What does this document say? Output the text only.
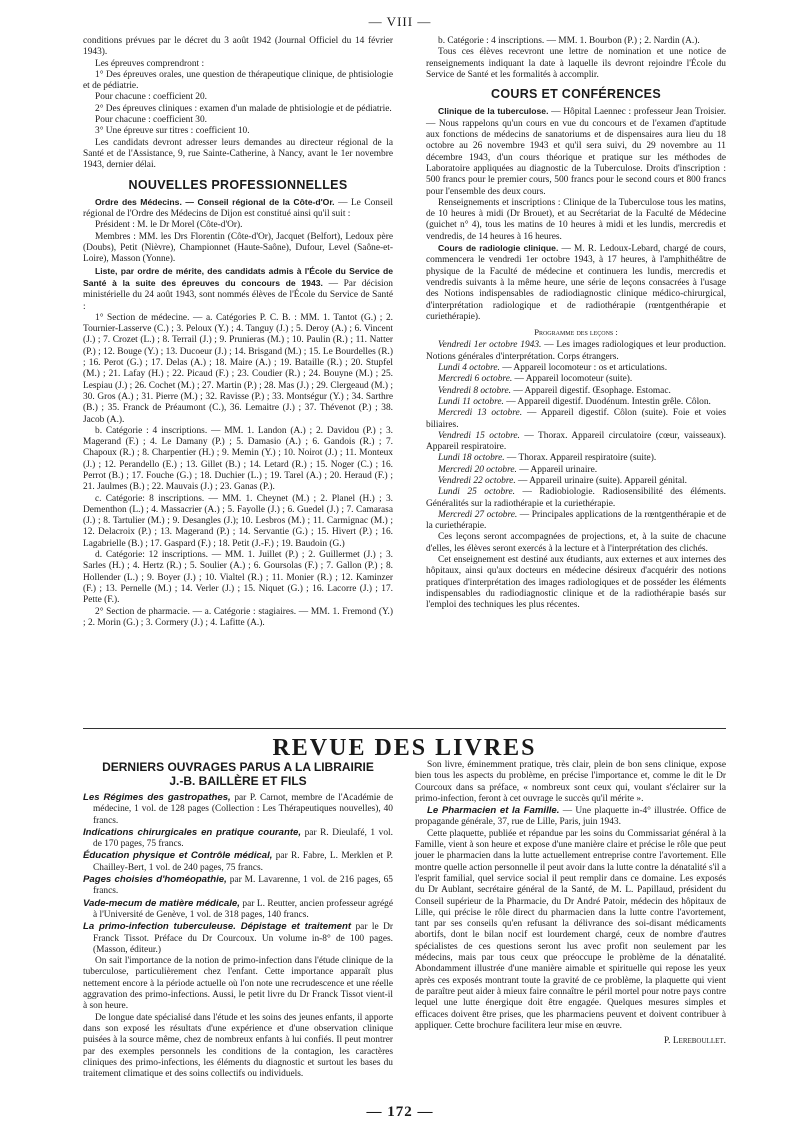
— VIII —

conditions prévues par le décret du 3 août 1942 (Journal Officiel du 14 février 1943).

Les épreuves comprendront :

1° Des épreuves orales, une question de thérapeutique clinique, de phtisiologie et de pédiatrie.

Pour chacune : coefficient 20.

2° Des épreuves cliniques : examen d'un malade de phtisiologie et de pédiatrie.

Pour chacune : coefficient 30.

3° Une épreuve sur titres : coefficient 10.

Les candidats devront adresser leurs demandes au directeur régional de la Santé et de l'Assistance, 9, rue Sainte-Catherine, à Nancy, avant le 1er novembre 1943, dernier délai.

NOUVELLES PROFESSIONNELLES

Ordre des Médecins. — Conseil régional de la Côte-d'Or. — Le Conseil régional de l'Ordre des Médecins de Dijon est constitué ainsi qu'il suit :

Président : M. le Dr Morel (Côte-d'Or).

Membres : MM. les Drs Florentin (Côte-d'Or), Jacquet (Belfort), Ledoux père (Doubs), Petit (Nièvre), Championnet (Haute-Saône), Dufour, Level (Saône-et-Loire), Masson (Yonne).

Liste, par ordre de mérite, des candidats admis à l'École du Service de Santé à la suite des épreuves du concours de 1943. — Par décision ministérielle du 24 août 1943, sont nommés élèves de l'École du Service de Santé :

1° Section de médecine. — a. Catégories P. C. B. : MM. 1. Tantot (G.) ; 2. Tournier-Lasserve (C.) ; 3. Peloux (Y.) ; 4. Tanguy (J.) ; 5. Deroy (A.) ; 6. Vincent (J.) ; 7. Crozet (L.) ; 8. Terrail (J.) ; 9. Prunieras (M.) ; 10. Paulin (R.) ; 11. Natter (P.) ; 12. Bouge (Y.) ; 13. Ducoeur (J.) ; 14. Brisgand (M.) ; 15. Le Bourdelles (R.) ; 16. Perot (G.) ; 17. Delas (A.) ; 18. Maire (A.) ; 19. Bataille (R.) ; 20. Stupfel (M.) ; 21. Lafay (H.) ; 22. Picaud (F.) ; 23. Coudier (R.) ; 24. Bouyne (M.) ; 25. Lespiau (J.) ; 26. Cochet (M.) ; 27. Martin (P.) ; 28. Mas (J.) ; 29. Clergeaud (M.) ; 30. Gros (A.) ; 31. Pierre (M.) ; 32. Ravisse (P.) ; 33. Montségur (Y.) ; 34. Sarthre (B.) ; 35. Franck de Préaumont (C.), 36. Lemaitre (J.) ; 37. Thévenot (P.) ; 38. Jacob (A.).

b. Catégorie : 4 inscriptions. — MM. 1. Landon (A.) ; 2. Davidou (P.) ; 3. Magerand (F.) ; 4. Le Damany (P.) ; 5. Damasio (A.) ; 6. Gandois (R.) ; 7. Chapoux (R.) ; 8. Charpentier (H.) ; 9. Memin (Y.) ; 10. Noirot (J.) ; 11. Monteux (J.) ; 12. Perandello (E.) ; 13. Gillet (B.) ; 14. Letard (R.) ; 15. Noger (C.) ; 16. Perrot (B.) ; 17. Fouche (G.) ; 18. Duchier (L.) ; 19. Tarel (A.) ; 20. Heraud (F.) ; 21. Jaulmes (B.) ; 22. Mauvais (J.) ; 23. Ganas (P.).

c. Catégorie: 8 inscriptions. — MM. 1. Cheynet (M.) ; 2. Planel (H.) ; 3. Dementhon (L.) ; 4. Massacrier (A.) ; 5. Fayolle (J.) ; 6. Guedel (J.) ; 7. Camarasa (J.) ; 8. Tartulier (M.) ; 9. Desangles (J.); 10. Lesbros (M.) ; 11. Carmignac (M.) ; 12. Delacroix (P.) ; 13. Magerand (P.) ; 14. Servantie (G.) ; 15. Hivert (P.) ; 16. Lagabrielle (B.) ; 17. Gaspard (F.) ; 18. Petit (J.-F.) ; 19. Baudoin (G.)

d. Catégorie: 12 inscriptions. — MM. 1. Juillet (P.) ; 2. Guillermet (J.) ; 3. Sarles (H.) ; 4. Hertz (R.) ; 5. Soulier (A.) ; 6. Goursolas (F.) ; 7. Gallon (P.) ; 8. Hollender (L.) ; 9. Boyer (J.) ; 10. Vialtel (R.) ; 11. Monier (R.) ; 12. Kaminzer (F.) ; 13. Pernelle (M.) ; 14. Verler (J.) ; 15. Niquet (G.) ; 16. Lacorre (J.) ; 17. Pette (F.).

2° Section de pharmacie. — a. Catégorie : stagiaires. — MM. 1. Fremond (Y.) ; 2. Morin (G.) ; 3. Cormery (J.) ; 4. Lafitte (A.).

b. Catégorie : 4 inscriptions. — MM. 1. Bourbon (P.) ; 2. Nardin (A.).

Tous ces élèves recevront une lettre de nomination et une notice de renseignements indiquant la date à laquelle ils devront rejoindre l'École du Service de Santé et les formalités à accomplir.

COURS ET CONFÉRENCES

Clinique de la tuberculose. — Hôpital Laennec : professeur Jean Troisier. — Nous rappelons qu'un cours en vue du concours et de l'examen d'aptitude aux fonctions de médecins de sanatoriums et de dispensaires aura lieu du 18 octobre au 26 novembre 1943 et qu'il sera suivi, du 29 novembre au 11 décembre 1943, d'un cours théorique et pratique sur les méthodes de Laboratoire appliquées au diagnostic de la Tuberculose. Droits d'inscription : 500 francs pour le premier cours, 500 francs pour le second cours et 800 francs pour l'ensemble des deux cours.

Renseignements et inscriptions : Clinique de la Tuberculose tous les matins, de 10 heures à midi (Dr Brouet), et au Secrétariat de la Faculté de Médecine (guichet n° 4), tous les matins de 10 heures à midi et les lundis, mercredis et vendredis, de 14 heures à 16 heures.

Cours de radiologie clinique. — M. R. Ledoux-Lebard, chargé de cours, commencera le vendredi 1er octobre 1943, à 17 heures, à l'amphithéâtre de physique de la Faculté de médecine et continuera les lundis, mercredis et vendredis suivants à la même heure, une série de leçons consacrées à l'usage des Notions indispensables de radiodiagnostic clinique médico-chirurgical, d'interprétation radiologique et de radiothérapie (rœntgenthérapie et curiethérapie).

Programme des leçons :

Vendredi 1er octobre 1943. — Les images radiologiques et leur production. Notions générales d'interprétation. Corps étrangers.

Lundi 4 octobre. — Appareil locomoteur : os et articulations.

Mercredi 6 octobre. — Appareil locomoteur (suite).

Vendredi 8 octobre. — Appareil digestif. Œsophage. Estomac.

Lundi 11 octobre. — Appareil digestif. Duodénum. Intestin grêle. Côlon.

Mercredi 13 octobre. — Appareil digestif. Côlon (suite). Foie et voies biliaires.

Vendredi 15 octobre. — Thorax. Appareil circulatoire (cœur, vaisseaux). Appareil respiratoire.

Lundi 18 octobre. — Thorax. Appareil respiratoire (suite).

Mercredi 20 octobre. — Appareil urinaire.

Vendredi 22 octobre. — Appareil urinaire (suite). Appareil génital.

Lundi 25 octobre. — Radiobiologie. Radiosensibilité des éléments. Généralités sur la radiothérapie et la curiethérapie.

Mercredi 27 octobre. — Principales applications de la rœntgenthérapie et de la curiethérapie.

Ces leçons seront accompagnées de projections, et, à la suite de chacune d'elles, les élèves seront exercés à la lecture et à l'interprétation des clichés.

Cet enseignement est destiné aux étudiants, aux externes et aux internes des hôpitaux, ainsi qu'aux docteurs en médecine désireux d'acquérir des notions pratiques d'interprétation des images radiologiques et de posséder les éléments indispensables du radiodiagnostic clinique et de la radiothérapie basés sur l'emploi des techniques les plus récentes.

REVUE DES LIVRES
DERNIERS OUVRAGES PARUS A LA LIBRAIRIE
J.-B. BAILLÈRE ET FILS

Les Régimes des gastropathes, par P. Carnot, membre de l'Académie de médecine, 1 vol. de 128 pages (Collection : Les Thérapeutiques nouvelles), 40 francs.

Indications chirurgicales en pratique courante, par R. Dieulafé, 1 vol. de 170 pages, 75 francs.

Éducation physique et Contrôle médical, par R. Fabre, L. Merklen et P. Chailley-Bert, 1 vol. de 240 pages, 75 francs.

Pages choisies d'homéopathie, par M. Lavarenne, 1 vol. de 216 pages, 65 francs.

Vade-mecum de matière médicale, par L. Reutter, ancien professeur agrégé à l'Université de Genève, 1 vol. de 318 pages, 140 francs.

La primo-infection tuberculeuse. Dépistage et traitement par le Dr Franck Tissot. Préface du Dr Courcoux. Un volume in-8° de 100 pages. (Masson, éditeur.)

On sait l'importance de la notion de primo-infection dans l'étude clinique de la tuberculose, particulièrement chez l'enfant. Cette importance apparaît plus nettement encore à la période actuelle où l'on note une recrudescence et une réelle aggravation des primo-infections. Aussi, le petit livre du Dr Franck Tissot vient-il à son heure.

De longue date spécialisé dans l'étude et les soins des jeunes enfants, il apporte dans son exposé les résultats d'une expérience et d'une observation clinique puisées à la source même, chez de nombreux enfants à lui confiés. Il peut montrer par des exemples personnels les conditions de la contagion, les caractères cliniques des primo-infections, les éléments du diagnostic et surtout les bases du traitement climatique et des soins collectifs ou individuels.

Son livre, éminemment pratique, très clair, plein de bon sens clinique, expose bien tous les aspects du problème, en précise l'importance et, comme le dit le Dr Courcoux dans sa préface, « nombreux sont ceux qui, voulant s'éclairer sur la primo-infection, feront à cet ouvrage le succès qu'il mérite ».

Le Pharmacien et la Famille. — Une plaquette in-4° illustrée. Office de propagande générale, 37, rue de Lille, Paris, juin 1943.

Cette plaquette, publiée et répandue par les soins du Commissariat général à la Famille, vient à son heure et expose d'une manière claire et précise le rôle que peut jouer le pharmacien dans la lutte actuellement entreprise contre l'avortement. Elle montre quelle action personnelle il peut avoir dans la lutte contre la dénatalité s'il a l'esprit familial, quel service social il peut remplir dans ce domaine. Les exposés du Dr Aublant, secrétaire général de la Santé, de M. L. Papillaud, président du Conseil supérieur de la Pharmacie, du Dr André Patoir, médecin des hôpitaux de Lille, qui précise le rôle direct du pharmacien dans la lutte contre l'avortement, tant par ses conseils qu'en refusant la délivrance des soi-disant médicaments abortifs, dont le bilan nocif est lourdement chargé, ceux de nombre d'autres spécialistes de ces questions seront lus avec profit non seulement par les médecins, mais par tous ceux que préoccupe le problème de la dénatalité. Abondamment illustrée d'une manière aimable et spirituelle qui repose les yeux après ces exposés montrant toute la gravité de ce problème, la plaquette qui vient de paraître peut aider à mieux faire connaître le péril mortel pour notre pays contre lequel une lutte énergique doit être engagée. Quelques mesures simples et efficaces doivent être prises, que les pharmaciens peuvent et doivent contribuer à appliquer. Cette brochure facilitera leur mise en œuvre.

P. Lereboullet.
— 172 —
